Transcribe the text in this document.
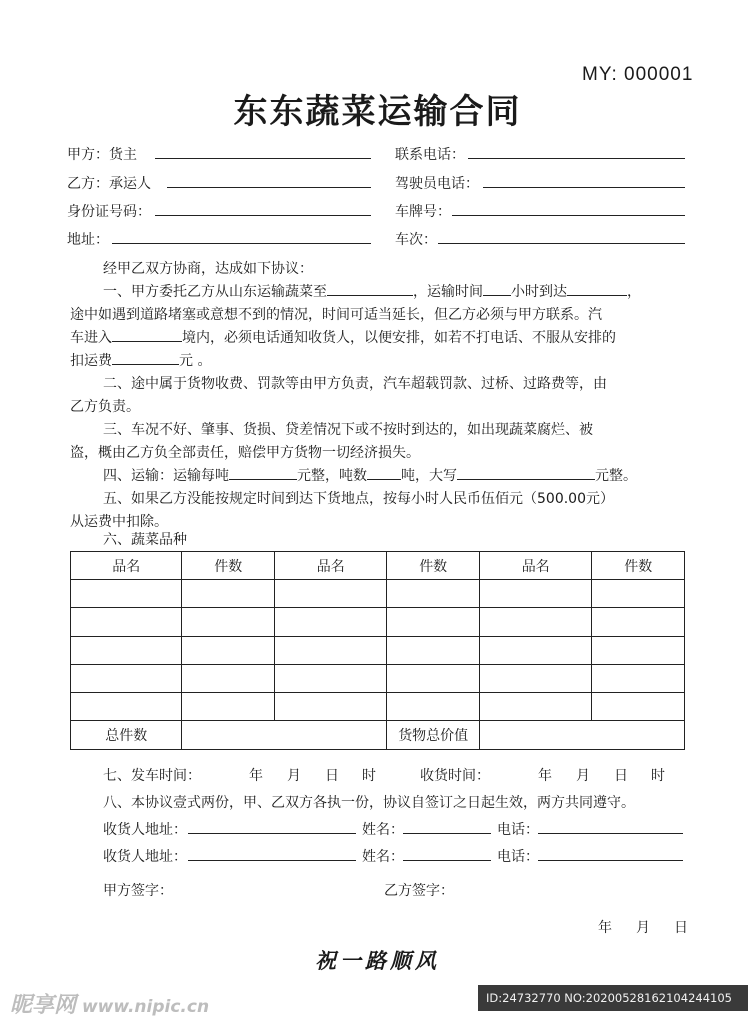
MY: 000001
东东蔬菜运输合同
甲方：货主	联系电话：
乙方：承运人	驾驶员电话：
身份证号码：	车牌号：
地址：	车次：
经甲乙双方协商，达成如下协议：
一、甲方委托乙方从山东运输蔬菜至	，运输时间 小时到达	，
途中如遇到道路堵塞或意想不到的情况，时间可适当延长，但乙方必须与甲方联系。汽
车进入	境内，必须电话通知收货人，以便安排，如若不打电话、不服从安排的
扣运费	元 。
二、途中属于货物收费、罚款等由甲方负责，汽车超载罚款、过桥、过路费等，由
乙方负责。
三、车况不好、肇事、货损、贷差情况下或不按时到达的，如出现蔬菜腐烂、被
盗，概由乙方负全部责任，赔偿甲方货物一切经济损失。
四、运输：运输每吨	元整，吨数 吨，大写	元整。
五、如果乙方没能按规定时间到达下货地点，按每小时人民币伍佰元（500.00元）
从运费中扣除。
六、蔬菜品种
品名	件数	品名	件数	品名	件数

总件数			货物总价值		
七、发车时间：	年 月 日 时	收货时间：	年 月 日 时
八、本协议壹式两份，甲、乙双方各执一份，协议自签订之日起生效，两方共同遵守。
收货人地址：	姓名：	电话：
收货人地址：	姓名：	电话：
甲方签字：	乙方签字：
年 月 日
祝一路顺风
昵享网 www.nipic.cn	ID:24732770 NO:20200528162104244105
